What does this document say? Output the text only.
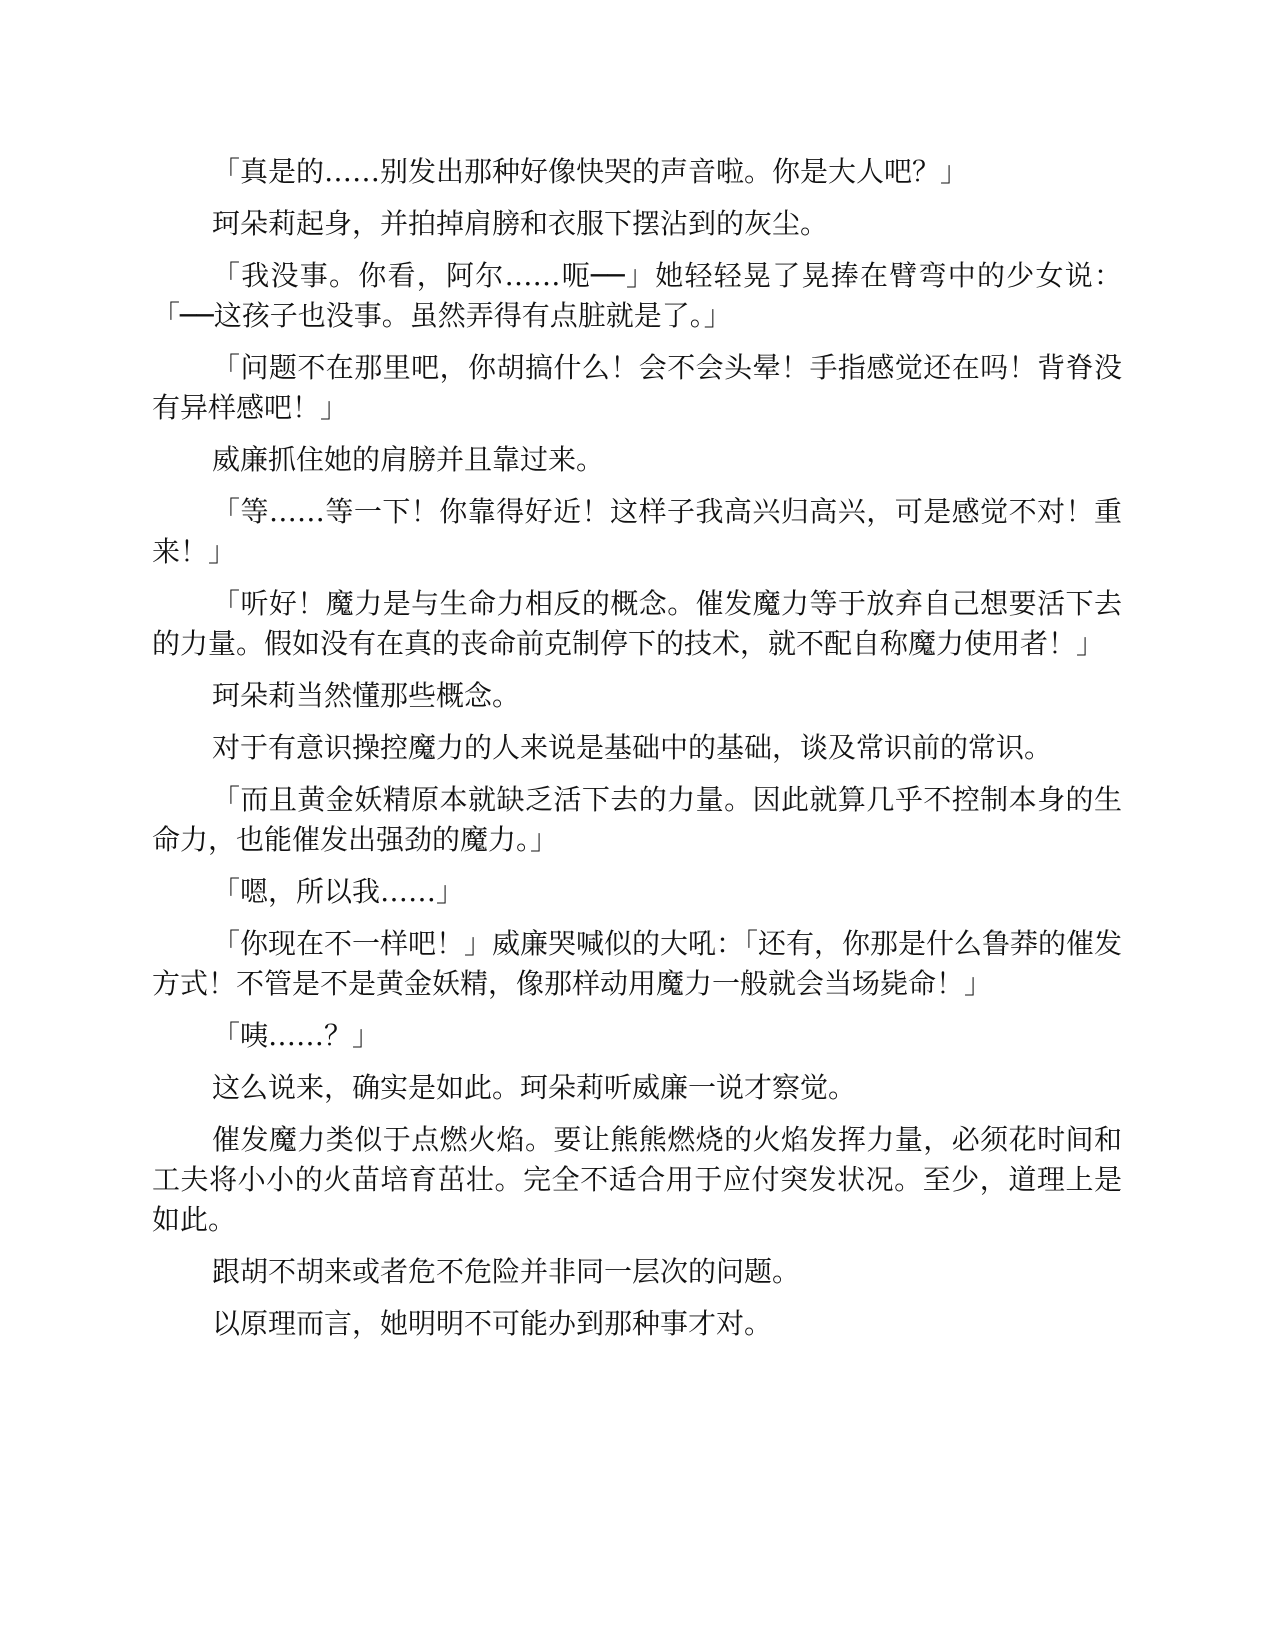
「真是的……别发出那种好像快哭的声音啦。你是大人吧？」

珂朵莉起身，并拍掉肩膀和衣服下摆沾到的灰尘。

「我没事。你看，阿尔……呃──」她轻轻晃了晃捧在臂弯中的少女说：「──这孩子也没事。虽然弄得有点脏就是了。」

「问题不在那里吧，你胡搞什么！会不会头晕！手指感觉还在吗！背脊没有异样感吧！」

威廉抓住她的肩膀并且靠过来。

「等……等一下！你靠得好近！这样子我高兴归高兴，可是感觉不对！重来！」

「听好！魔力是与生命力相反的概念。催发魔力等于放弃自己想要活下去的力量。假如没有在真的丧命前克制停下的技术，就不配自称魔力使用者！」

珂朵莉当然懂那些概念。

对于有意识操控魔力的人来说是基础中的基础，谈及常识前的常识。

「而且黄金妖精原本就缺乏活下去的力量。因此就算几乎不控制本身的生命力，也能催发出强劲的魔力。」

「嗯，所以我……」

「你现在不一样吧！」威廉哭喊似的大吼：「还有，你那是什么鲁莽的催发方式！不管是不是黄金妖精，像那样动用魔力一般就会当场毙命！」

「咦……？」

这么说来，确实是如此。珂朵莉听威廉一说才察觉。

催发魔力类似于点燃火焰。要让熊熊燃烧的火焰发挥力量，必须花时间和工夫将小小的火苗培育茁壮。完全不适合用于应付突发状况。至少，道理上是如此。

跟胡不胡来或者危不危险并非同一层次的问题。

以原理而言，她明明不可能办到那种事才对。
